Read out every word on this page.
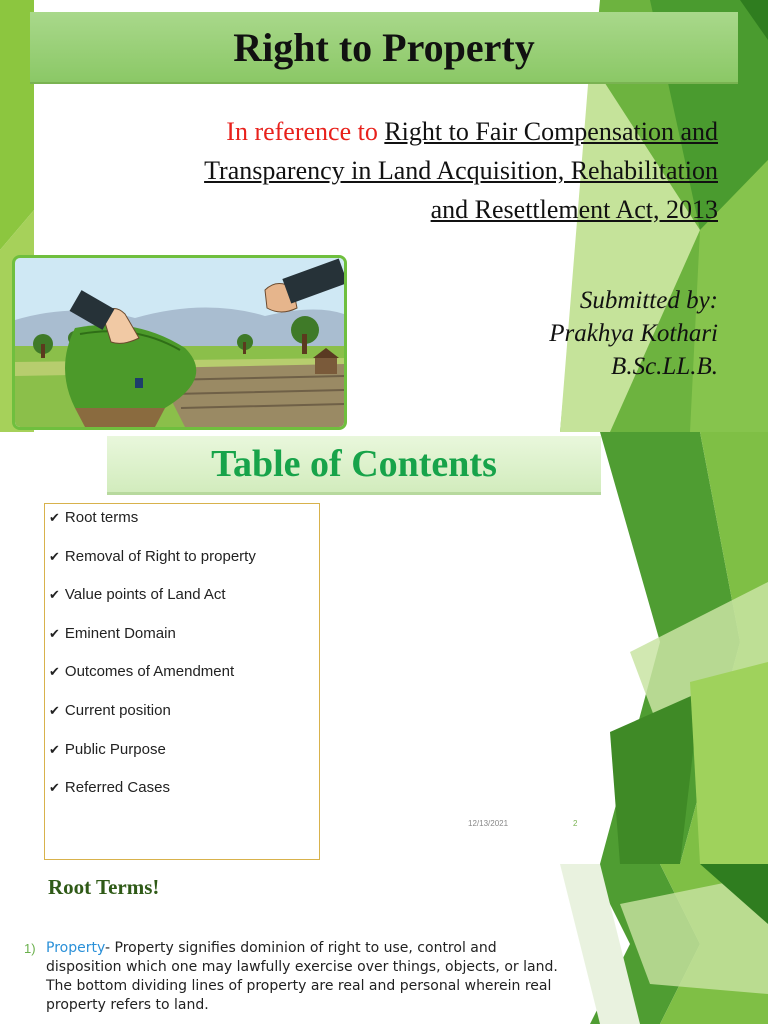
Right to Property
In reference to Right to Fair Compensation and
Transparency in Land Acquisition, Rehabilitation
and Resettlement Act, 2013
Submitted by:
Prakhya Kothari
B.Sc.LL.B.
Table of Contents
✔ Root terms
✔ Removal of Right to property
✔ Value points of Land Act
✔ Eminent Domain
✔ Outcomes of Amendment
✔ Current position
✔ Public Purpose
✔ Referred Cases
12/13/2021	2
Root Terms!
1) Property- Property signifies dominion of right to use, control and disposition which one may lawfully exercise over things, objects, or land. The bottom dividing lines of property are real and personal wherein real property refers to land.
